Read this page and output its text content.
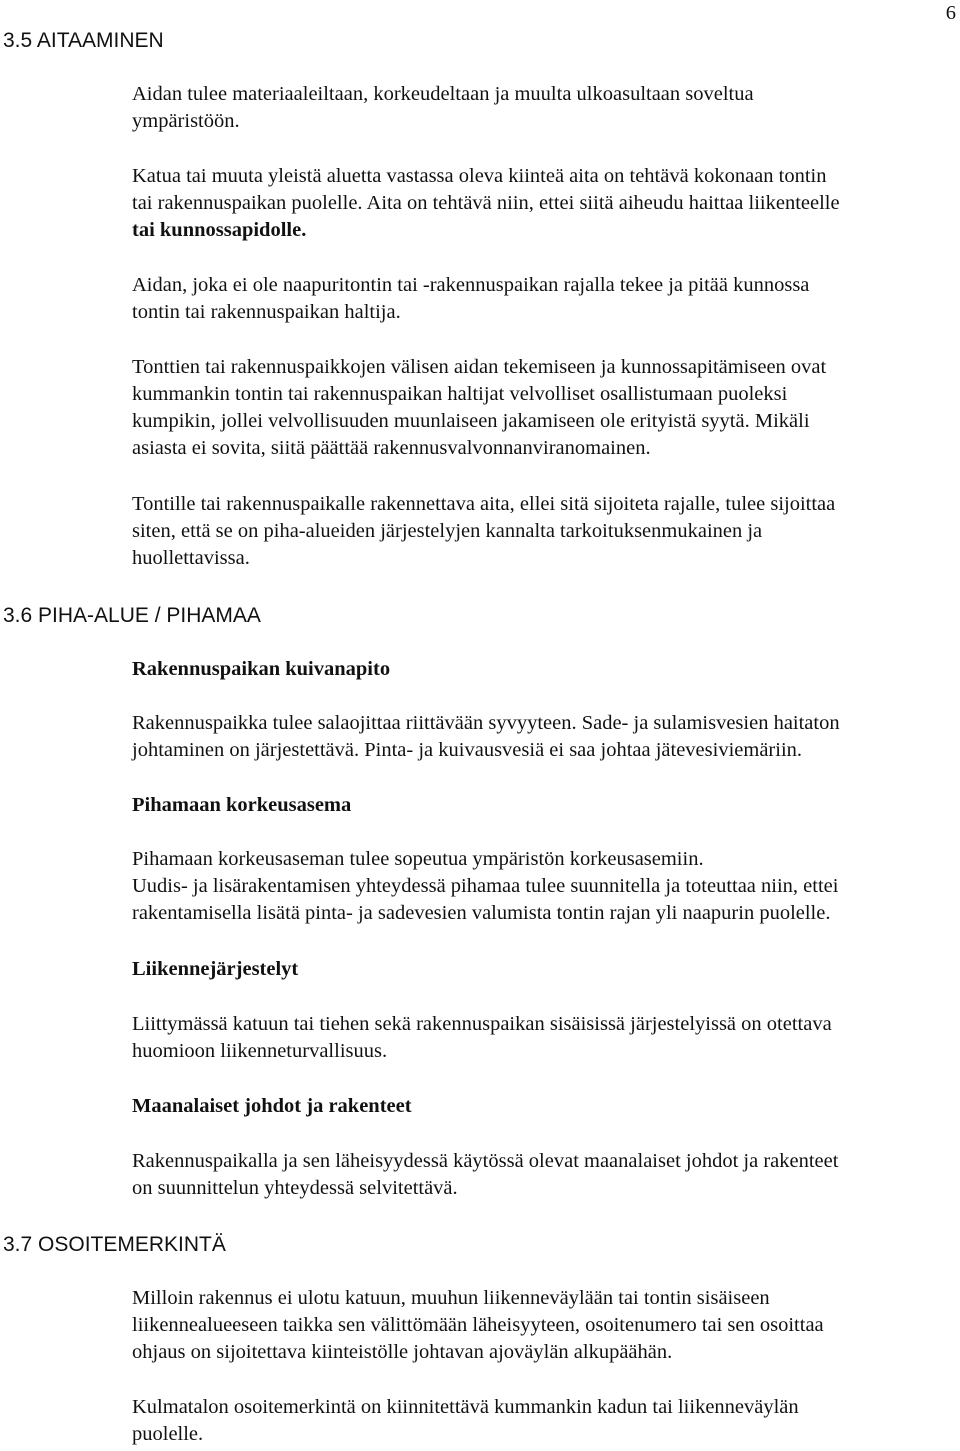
6
3.5 AITAAMINEN

Aidan tulee materiaaleiltaan, korkeudeltaan ja muulta ulkoasultaan soveltua
ympäristöön.

Katua tai muuta yleistä aluetta vastassa oleva kiinteä aita on tehtävä kokonaan tontin
tai rakennuspaikan puolelle. Aita on tehtävä niin, ettei siitä aiheudu haittaa liikenteelle
tai kunnossapidolle.

Aidan, joka ei ole naapuritontin tai -rakennuspaikan rajalla tekee ja pitää kunnossa
tontin tai rakennuspaikan haltija.

Tonttien tai rakennuspaikkojen välisen aidan tekemiseen ja kunnossapitämiseen ovat
kummankin tontin tai rakennuspaikan haltijat velvolliset osallistumaan puoleksi
kumpikin, jollei velvollisuuden muunlaiseen jakamiseen ole erityistä syytä. Mikäli
asiasta ei sovita, siitä päättää rakennusvalvonnanviranomainen.

Tontille tai rakennuspaikalle rakennettava aita, ellei sitä sijoiteta rajalle, tulee sijoittaa
siten, että se on piha-alueiden järjestelyjen kannalta tarkoituksenmukainen ja
huollettavissa.

3.6 PIHA-ALUE / PIHAMAA
Rakennuspaikan kuivanapito

Rakennuspaikka tulee salaojittaa riittävään syvyyteen. Sade- ja sulamisvesien haitaton
johtaminen on järjestettävä. Pinta- ja kuivausvesiä ei saa johtaa jätevesiviemäriin.

Pihamaan korkeusasema

Pihamaan korkeusaseman tulee sopeutua ympäristön korkeusasemiin.
Uudis- ja lisärakentamisen yhteydessä pihamaa tulee suunnitella ja toteuttaa niin, ettei
rakentamisella lisätä pinta- ja sadevesien valumista tontin rajan yli naapurin puolelle.

Liikennejärjestelyt

Liittymässä katuun tai tiehen sekä rakennuspaikan sisäisissä järjestelyissä on otettava
huomioon liikenneturvallisuus.

Maanalaiset johdot ja rakenteet

Rakennuspaikalla ja sen läheisyydessä käytössä olevat maanalaiset johdot ja rakenteet
on suunnittelun yhteydessä selvitettävä.

3.7 OSOITEMERKINTÄ

Milloin rakennus ei ulotu katuun, muuhun liikenneväylään tai tontin sisäiseen
liikennealueeseen taikka sen välittömään läheisyyteen, osoitenumero tai sen osoittaa
ohjaus on sijoitettava kiinteistölle johtavan ajoväylän alkupäähän.

Kulmatalon osoitemerkintä on kiinnitettävä kummankin kadun tai liikenneväylän
puolelle.
